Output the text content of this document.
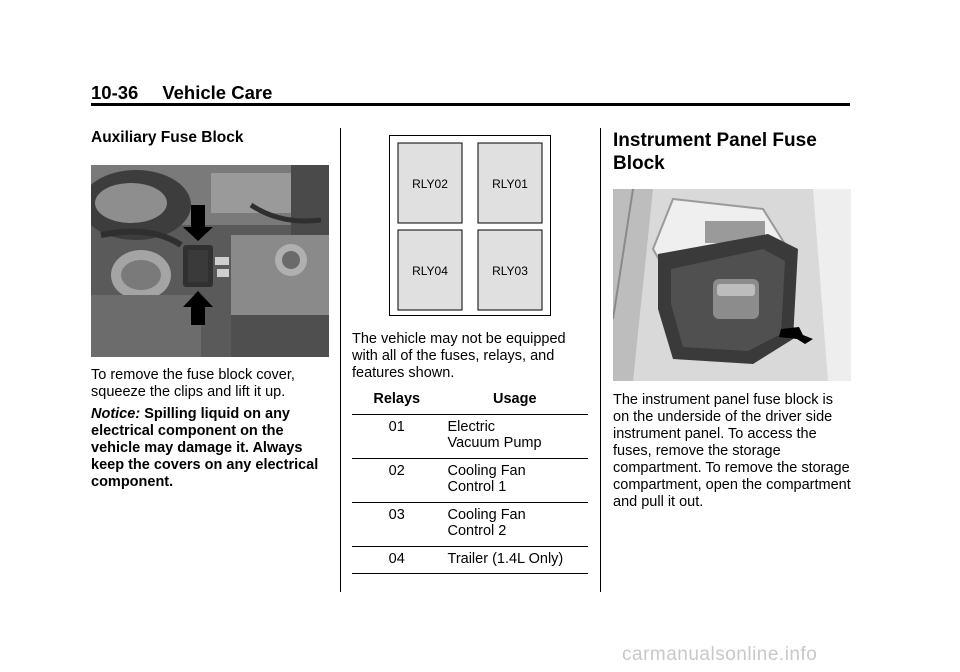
10-36 Vehicle Care
Auxiliary Fuse Block

To remove the fuse block cover, squeeze the clips and lift it up.

Notice: Spilling liquid on any electrical component on the vehicle may damage it. Always keep the covers on any electrical component.

RLY02	RLY01
RLY04	RLY03

The vehicle may not be equipped with all of the fuses, relays, and features shown.

Relays	Usage
01	Electric
Vacuum Pump
02	Cooling Fan
Control 1
03	Cooling Fan
Control 2
04	Trailer (1.4L Only)
Instrument Panel Fuse
Block

The instrument panel fuse block is on the underside of the driver side instrument panel. To access the fuses, remove the storage compartment. To remove the storage compartment, open the compartment and pull it out.

carmanualsonline.info
